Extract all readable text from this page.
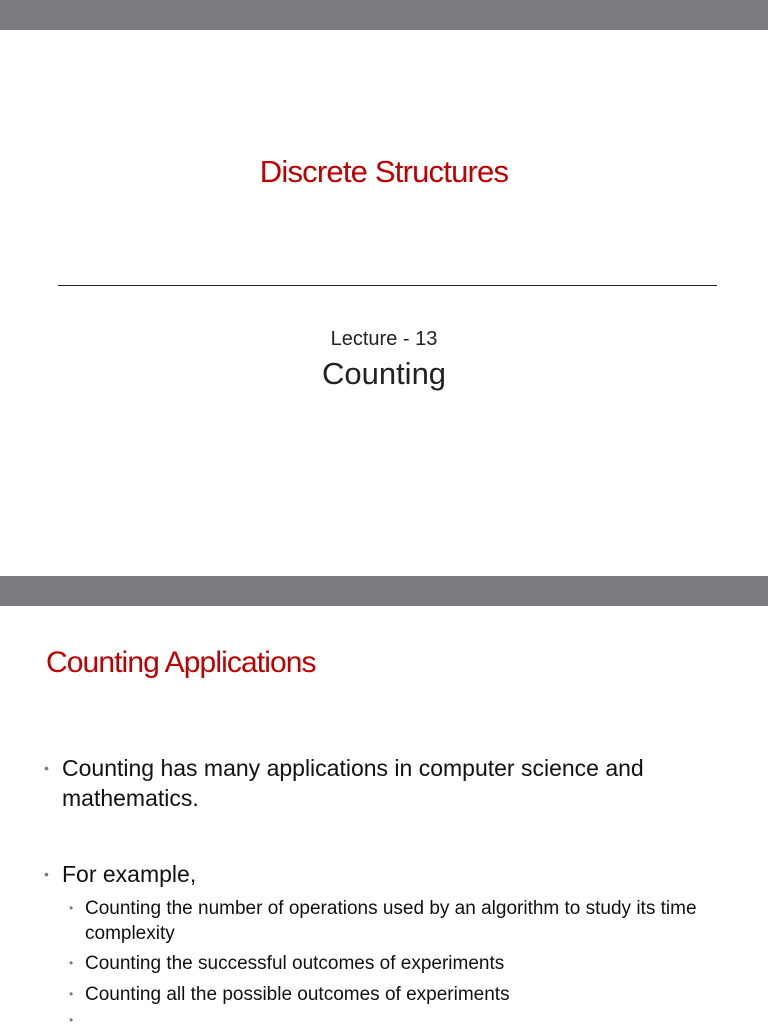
Discrete Structures
Lecture - 13
Counting
Counting Applications
• Counting has many applications in computer science and mathematics.
• For example,
• Counting the number of operations used by an algorithm to study its time complexity
• Counting the successful outcomes of experiments
• Counting all the possible outcomes of experiments
•
